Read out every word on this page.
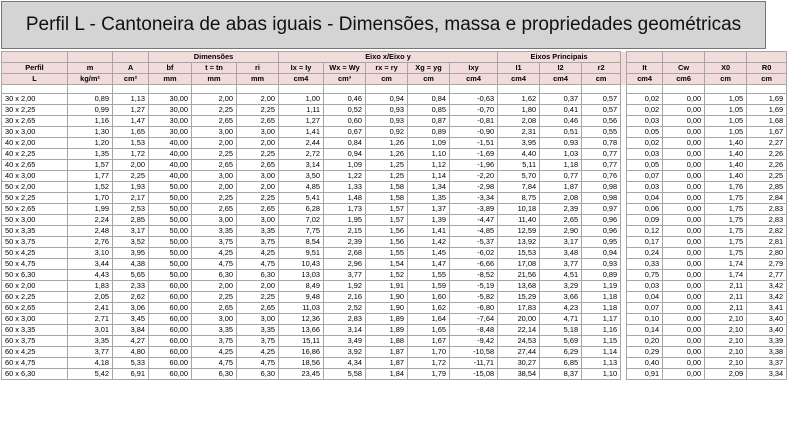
Perfil L - Cantoneira de abas iguais - Dimensões, massa e propriedades geométricas
			Dimensões			Eixo x/Eixo y					Eixos Principais							
Perfil	m	A	bf	t = tn	ri	Ix = Iy	Wx = Wy	rx = ry	Xg = yg	Ixy	I1	I2	r2		It	Cw	X0	R0
L	kg/m²	cm²	mm	mm	mm	cm4	cm³	cm	cm	cm4	cm4	cm4	cm		cm4	cm6	cm	cm

30 x 2,00	0,89	1,13	30,00	2,00	2,00	1,00	0,46	0,94	0,84	-0,63	1,62	0,37	0,57		0,02	0,00	1,05	1,69
30 x 2,25	0,99	1,27	30,00	2,25	2,25	1,11	0,52	0,93	0,85	-0,70	1,80	0,41	0,57		0,02	0,00	1,05	1,69
30 x 2,65	1,16	1,47	30,00	2,65	2,65	1,27	0,60	0,93	0,87	-0,81	2,08	0,46	0,56		0,03	0,00	1,05	1,68
30 x 3,00	1,30	1,65	30,00	3,00	3,00	1,41	0,67	0,92	0,89	-0,90	2,31	0,51	0,55		0,05	0,00	1,05	1,67
40 x 2,00	1,20	1,53	40,00	2,00	2,00	2,44	0,84	1,26	1,09	-1,51	3,95	0,93	0,78		0,02	0,00	1,40	2,27
40 x 2,25	1,35	1,72	40,00	2,25	2,25	2,72	0,94	1,26	1,10	-1,69	4,40	1,03	0,77		0,03	0,00	1,40	2,26
40 x 2,65	1,57	2,00	40,00	2,65	2,65	3,14	1,09	1,25	1,12	-1,96	5,11	1,18	0,77		0,05	0,00	1,40	2,26
40 x 3,00	1,77	2,25	40,00	3,00	3,00	3,50	1,22	1,25	1,14	-2,20	5,70	0,77	0,76		0,07	0,00	1,40	2,25
50 x 2,00	1,52	1,93	50,00	2,00	2,00	4,85	1,33	1,58	1,34	-2,98	7,84	1,87	0,98		0,03	0,00	1,76	2,85
50 x 2,25	1,70	2,17	50,00	2,25	2,25	5,41	1,48	1,58	1,35	-3,34	8,75	2,08	0,98		0,04	0,00	1,75	2,84
50 x 2,65	1,99	2,53	50,00	2,65	2,65	6,28	1,73	1,57	1,37	-3,89	10,18	2,39	0,97		0,06	0,00	1,75	2,83
50 x 3,00	2,24	2,85	50,00	3,00	3,00	7,02	1,95	1,57	1,39	-4,47	11,40	2,65	0,96		0,09	0,00	1,75	2,83
50 x 3,35	2,48	3,17	50,00	3,35	3,35	7,75	2,15	1,56	1,41	-4,85	12,59	2,90	0,96		0,12	0,00	1,75	2,82
50 x 3,75	2,76	3,52	50,00	3,75	3,75	8,54	2,39	1,56	1,42	-5,37	13,92	3,17	0,95		0,17	0,00	1,75	2,81
50 x 4,25	3,10	3,95	50,00	4,25	4,25	9,51	2,68	1,55	1,45	-6,02	15,53	3,48	0,94		0,24	0,00	1,75	2,80
50 x 4,75	3,44	4,38	50,00	4,75	4,75	10,43	2,96	1,54	1,47	-6,66	17,08	3,77	0,93		0,33	0,00	1,74	2,79
50 x 6,30	4,43	5,65	50,00	6,30	6,30	13,03	3,77	1,52	1,55	-8,52	21,56	4,51	0,89		0,75	0,00	1,74	2,77
60 x 2,00	1,83	2,33	60,00	2,00	2,00	8,49	1,92	1,91	1,59	-5,19	13,68	3,29	1,19		0,03	0,00	2,11	3,42
60 x 2,25	2,05	2,62	60,00	2,25	2,25	9,48	2,16	1,90	1,60	-5,82	15,29	3,66	1,18		0,04	0,00	2,11	3,42
60 x 2,65	2,41	3,06	60,00	2,65	2,65	11,03	2,52	1,90	1,62	-6,80	17,83	4,23	1,18		0,07	0,00	2,11	3,41
60 x 3,00	2,71	3,45	60,00	3,00	3,00	12,36	2,83	1,89	1,64	-7,64	20,00	4,71	1,17		0,10	0,00	2,10	3,40
60 x 3,35	3,01	3,84	60,00	3,35	3,35	13,66	3,14	1,89	1,65	-8,48	22,14	5,18	1,16		0,14	0,00	2,10	3,40
60 x 3,75	3,35	4,27	60,00	3,75	3,75	15,11	3,49	1,88	1,67	-9,42	24,53	5,69	1,15		0,20	0,00	2,10	3,39
60 x 4,25	3,77	4,80	60,00	4,25	4,25	16,86	3,92	1,87	1,70	-10,58	27,44	6,29	1,14		0,29	0,00	2,10	3,38
60 x 4,75	4,18	5,33	60,00	4,75	4,75	18,56	4,34	1,87	1,72	-11,71	30,27	6,85	1,13		0,40	0,00	2,10	3,37
60 x 6,30	5,42	6,91	60,00	6,30	6,30	23,45	5,58	1,84	1,79	-15,08	38,54	8,37	1,10		0,91	0,00	2,09	3,34
